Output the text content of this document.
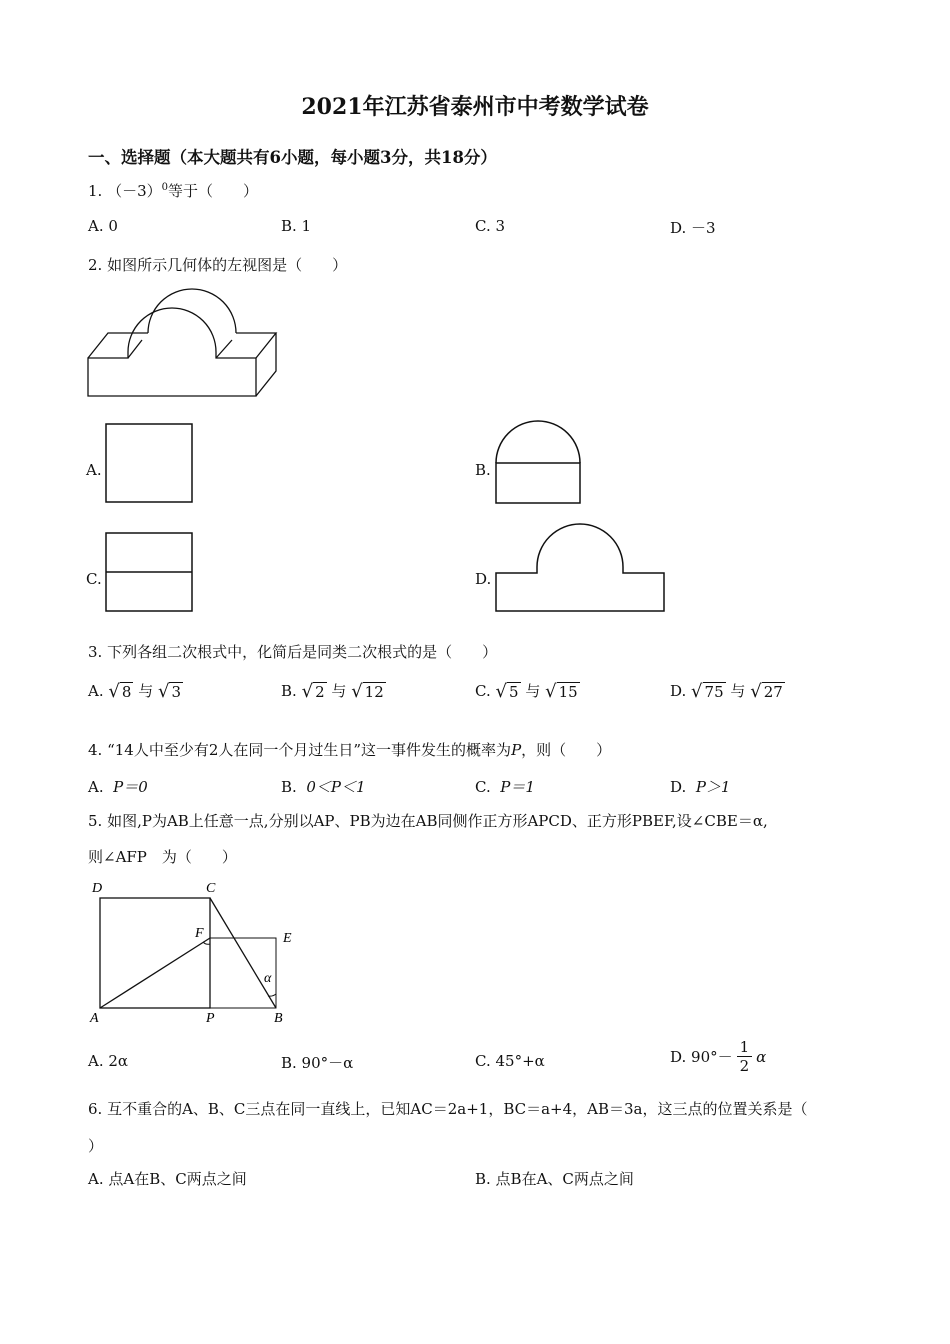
2021年江苏省泰州市中考数学试卷
一、选择题（本大题共有6小题，每小题3分，共18分）
1. $(-3)^0$等于（　　）
A. 0	B. 1	C. 3	D. －3
2. 如图所示几何体的左视图是（　　）
A.	B.
C.	D.
3. 下列各组二次根式中，化简后是同类二次根式的是（　　）
A. √ 8 与 √ 3	B. √ 2 与 √ 12	C. √ 5 与 √ 15	D. √ 75 与 √ 27
4. “14人中至少有2人在同一个月过生日”这一事件发生的概率为P，则（　　）
A. P＝0	B. 0＜P＜1	C. P＝1	D. P＞1
5. 如图,P为AB上任意一点,分别以AP、PB为边在AB同侧作正方形APCD、正方形PBEF,设∠CBE＝α,
则∠AFP　为（　　）
D	C
F	E
A	P	B
α
A. 2α	B. 90°－α	C. 45°+α	D. $90^\circ- \frac{1}{2}$ α
6. 互不重合的A、B、C三点在同一直线上，已知AC＝2a+1，BC＝a+4，AB＝3a，这三点的位置关系是（
）
A. 点A在B、C两点之间	B. 点B在A、C两点之间
